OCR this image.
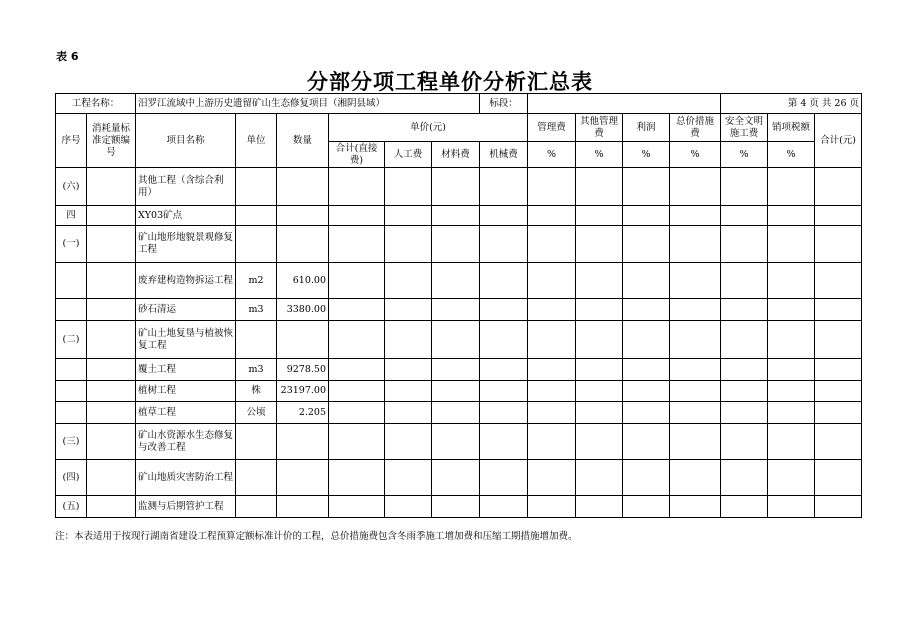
表 6
分部分项工程单价分析汇总表
工程名称：		汨罗江流域中上游历史遗留矿山生态修复项目（湘阴县域）						标段：					第 4 页 共 26 页		
序号	消耗量标准定额编号	项目名称	单位	数量	单价(元)				管理费	其他管理费	利润	总价措施费	安全文明施工费	销项税额	合计(元)
					合计(直接费)	人工费	材料费	机械费	%	%	%	%	%	%	
(六)		其他工程（含综合利用）													
四		XY03矿点													
(一)		矿山地形地貌景观修复工程													
		废弃建构造物拆运工程	m2	610.00											
		砂石清运	m3	3380.00											
(二)		矿山土地复垦与植被恢复工程													
		覆土工程	m3	9278.50											
		植树工程	株	23197.00											
		植草工程	公顷	2.205											
(三)		矿山水资源水生态修复与改善工程													
(四)		矿山地质灾害防治工程													
(五)		监测与后期管护工程													
注：本表适用于按现行湖南省建设工程预算定额标准计价的工程，总价措施费包含冬雨季施工增加费和压缩工期措施增加费。
